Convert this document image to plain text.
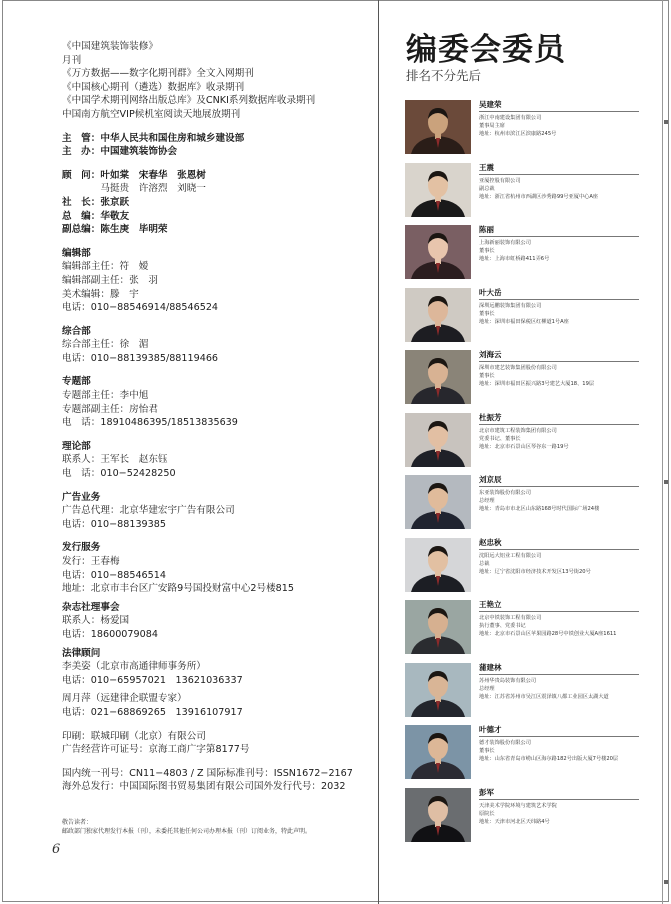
《中国建筑装饰装修》
月刊
《万方数据——数字化期刊群》全文入网期刊
《中国核心期刊（遴选）数据库》收录期刊
《中国学术期刊网络出版总库》及CNKI系列数据库收录期刊
中国南方航空VIP候机室阅读天地展放期刊
主　管：中华人民共和国住房和城乡建设部
主　办：中国建筑装饰协会
顾　问：叶如棠　宋春华　张恩树
　　　　马挺贵　许溶烈　刘晓一
社　长：张京跃
总　编：华敬友
副总编：陈生庚　毕明荣
编辑部
编辑部主任：符　嫒
编辑部副主任：张　羽
美术编辑：滕　宇
电话：010−88546914/88546524
综合部
综合部主任：徐　湄
电话：010−88139385/88119466
专题部
专题部主任：李中旭
专题部副主任：房怡君
电　话：18910486395/18513835639
理论部
联系人：王军长　赵东钰
电　话：010−52428250
广告业务
广告总代理：北京华建宏宇广告有限公司
电话：010−88139385
发行服务
发行：王春梅
电话：010−88546514
地址：北京市丰台区广安路9号国投财富中心2号楼815
杂志社理事会
联系人：杨爱国
电话：18600079084
法律顾问
李美姿（北京市高通律师事务所）
电话：010−65957021　13621036337
周月萍（远建律企联盟专家）
电话：021−68869265　13916107917
印刷：联城印刷（北京）有限公司
广告经营许可证号：京海工商广字第8177号
国内统一刊号：CN11−4803 / Z 国际标准刊号：ISSN1672−2167
海外总发行：中国国际图书贸易集团有限公司国外发行代号：2032
敬告读者：
邮政部门独家代理发行本报（刊），未委托其他任何公司办理本报（刊）订阅业务，特此声明。
6
编委会委员
排名不分先后
吴建荣
浙江中南建设集团有限公司
董事局主席
地址：杭州市滨江区滨康路245号
王震
亚厦控股有限公司
副总裁
地址：浙江省杭州市西湖区沙秀路99号亚厦中心A座
陈丽
上海新丽装饰有限公司
董事长
地址：上海市虹桥路411弄6号
叶大岳
深圳远鹏装饰集团有限公司
董事长
地址：深圳市福田保税区红柳道1号A座
刘海云
深圳市建艺装饰集团股份有限公司
董事长
地址：深圳市福田区振兴路3号建艺大厦18、19层
杜振芳
北京市建筑工程装饰集团有限公司
党委书记、董事长
地址：北京市石景山区琴谷东一路19号
刘京辰
东亚装饰股份有限公司
总经理
地址：青岛市市北区山东路168号时代国际广场24楼
赵忠秋
沈阳远大铝业工程有限公司
总裁
地址：辽宁省沈阳市经济技术开发区13号街20号
王艳立
北京中铁装饰工程有限公司
执行董事、党委书记
地址：北京市石景山区苹果园路28号中铁创业大厦A座1611
蒲建林
苏州华贵岛装饰有限公司
总经理
地址：江苏省苏州市吴江区震泽镇八都工业园区太湖大道
叶德才
德才装饰股份有限公司
董事长
地址：山东省青岛市崂山区海尔路182号出版大厦7号楼20层
彭军
天津美术学院环境与建筑艺术学院
原院长
地址：天津市河北区天纬路4号
